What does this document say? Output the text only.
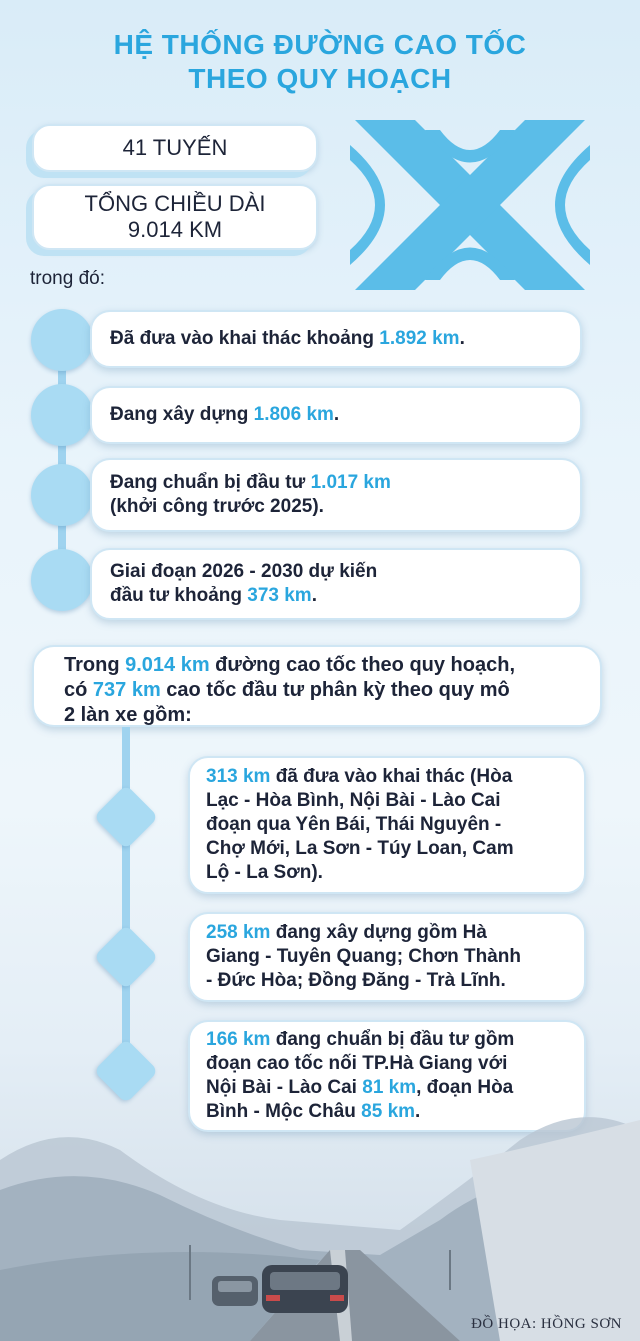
HỆ THỐNG ĐƯỜNG CAO TỐC
THEO QUY HOẠCH
41 TUYẾN
TỔNG CHIỀU DÀI
9.014 KM
trong đó:
Đã đưa vào khai thác khoảng 1.892 km.
Đang xây dựng 1.806 km.
Đang chuẩn bị đầu tư 1.017 km
(khởi công trước 2025).
Giai đoạn 2026 - 2030 dự kiến
đầu tư khoảng 373 km.
Trong 9.014 km đường cao tốc theo quy hoạch,
có 737 km cao tốc đầu tư phân kỳ theo quy mô
2 làn xe gồm:
313 km đã đưa vào khai thác (Hòa
Lạc - Hòa Bình, Nội Bài - Lào Cai
đoạn qua Yên Bái, Thái Nguyên -
Chợ Mới, La Sơn - Túy Loan, Cam
Lộ - La Sơn).
258 km đang xây dựng gồm Hà
Giang - Tuyên Quang; Chơn Thành
- Đức Hòa; Đồng Đăng - Trà Lĩnh.
166 km đang chuẩn bị đầu tư gồm
đoạn cao tốc nối TP.Hà Giang với
Nội Bài - Lào Cai 81 km, đoạn Hòa
Bình - Mộc Châu 85 km.
ĐỒ HỌA: HỒNG SƠN
